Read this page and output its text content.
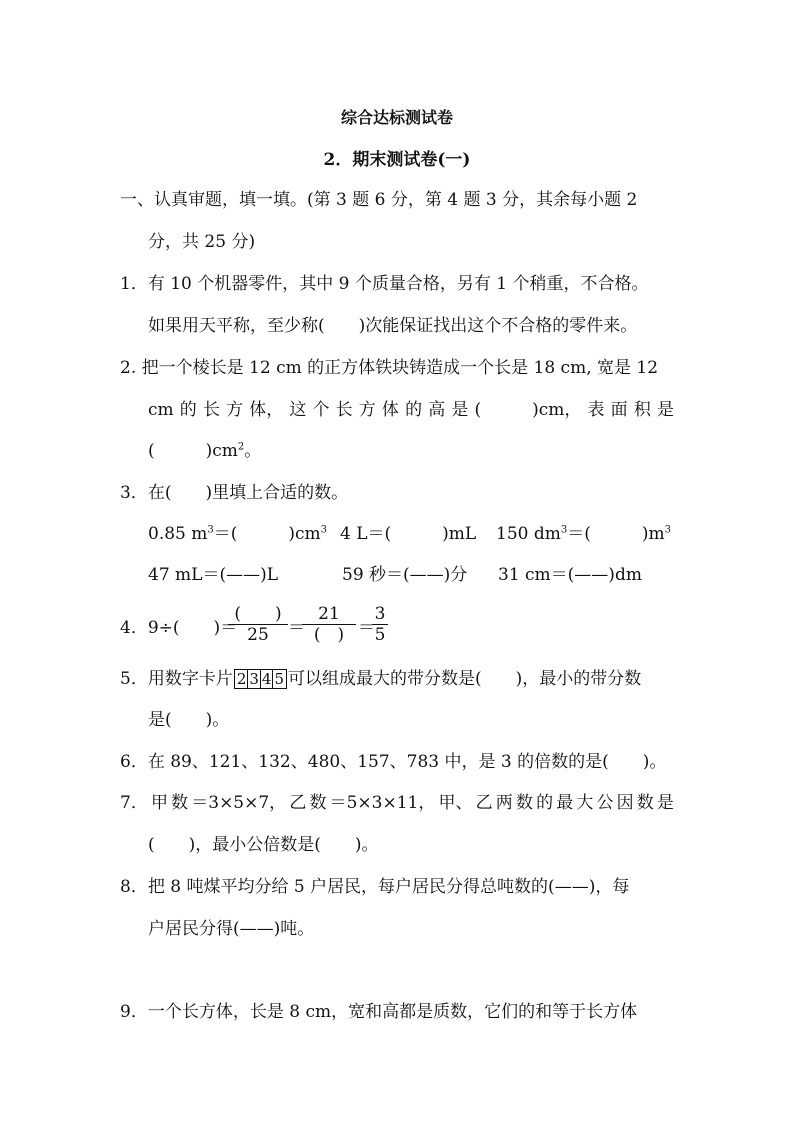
综合达标测试卷
2．期末测试卷(一)
一、认真审题，填一填。(第 3 题 6 分，第 4 题 3 分，其余每小题 2
分，共 25 分)
1．有 10 个机器零件，其中 9 个质量合格，另有 1 个稍重，不合格。
如果用天平称，至少称(　　)次能保证找出这个不合格的零件来。
2. 把一个棱长是 12 cm 的正方体铁块铸造成一个长是 18 cm, 宽是 12
cm 的 长 方 体， 这 个 长 方 体 的 高 是 (　　　)cm， 表 面 积 是
(　　　)$cm^2$。
3．在(　　)里填上合适的数。
0.85 $m^3=$(　　　)$cm^3$ 4 L＝(　　　)mL 150 $dm^3=$(　　　)$m^3$
47 mL＝(——)L	59 秒＝(——)分 31 cm＝(——)dm
4．9÷(　　)＝
(　　)
25	＝
21
(　) ＝
$\frac{3}{5}$
5．用数字卡片 2 3 4 5 可以组成最大的带分数是(　　)，最小的带分数
是(　　)。
6．在 89、121、132、480、157、783 中，是 3 的倍数的是(　　)。
7． 甲 数 ＝3×5×7， 乙 数 ＝5×3×11， 甲、 乙 两 数 的 最 大 公 因 数 是
(　　)，最小公倍数是(　　)。
8．把 8 吨煤平均分给 5 户居民，每户居民分得总吨数的(——)，每
户居民分得(——)吨。
9．一个长方体，长是 8 cm，宽和高都是质数，它们的和等于长方体
